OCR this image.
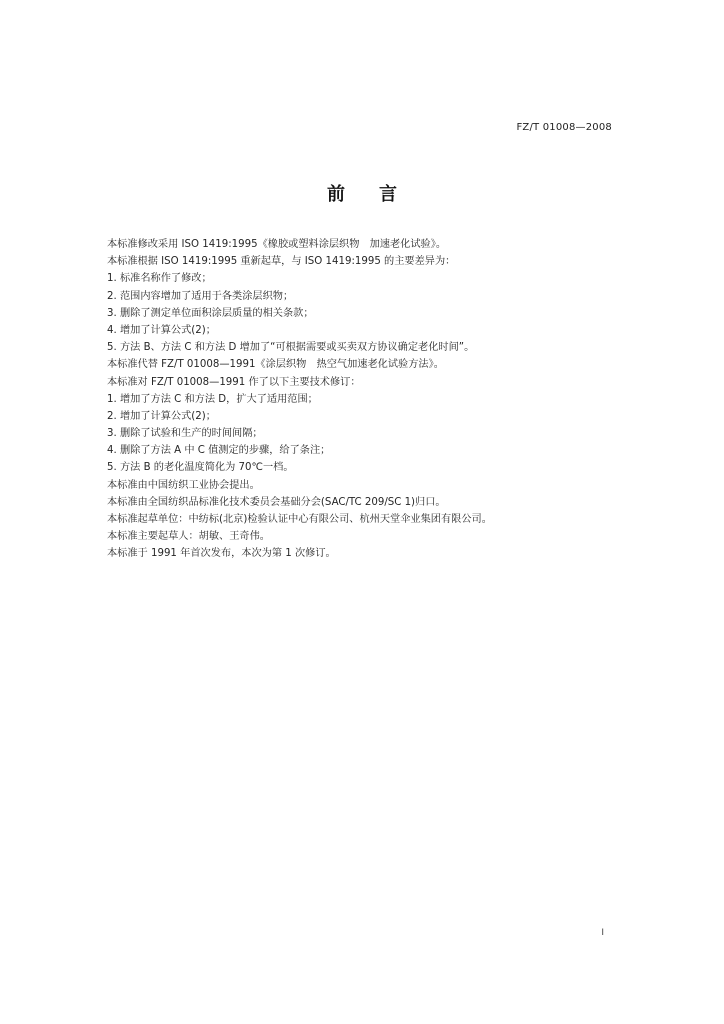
FZ/T 01008—2008
前言
本标准修改采用 ISO 1419:1995《橡胶或塑料涂层织物　加速老化试验》。
本标准根据 ISO 1419:1995 重新起草，与 ISO 1419:1995 的主要差异为：
1. 标准名称作了修改；
2. 范围内容增加了适用于各类涂层织物；
3. 删除了测定单位面积涂层质量的相关条款；
4. 增加了计算公式(2)；
5. 方法 B、方法 C 和方法 D 增加了“可根据需要或买卖双方协议确定老化时间”。
本标准代替 FZ/T 01008—1991《涂层织物　热空气加速老化试验方法》。
本标准对 FZ/T 01008—1991 作了以下主要技术修订：
1. 增加了方法 C 和方法 D，扩大了适用范围；
2. 增加了计算公式(2)；
3. 删除了试验和生产的时间间隔；
4. 删除了方法 A 中 C 值测定的步骤，给了条注；
5. 方法 B 的老化温度简化为 70℃一档。
本标准由中国纺织工业协会提出。
本标准由全国纺织品标准化技术委员会基础分会(SAC/TC 209/SC 1)归口。
本标准起草单位：中纺标(北京)检验认证中心有限公司、杭州天堂伞业集团有限公司。
本标准主要起草人：胡敏、王奇伟。
本标准于 1991 年首次发布，本次为第 1 次修订。
I
